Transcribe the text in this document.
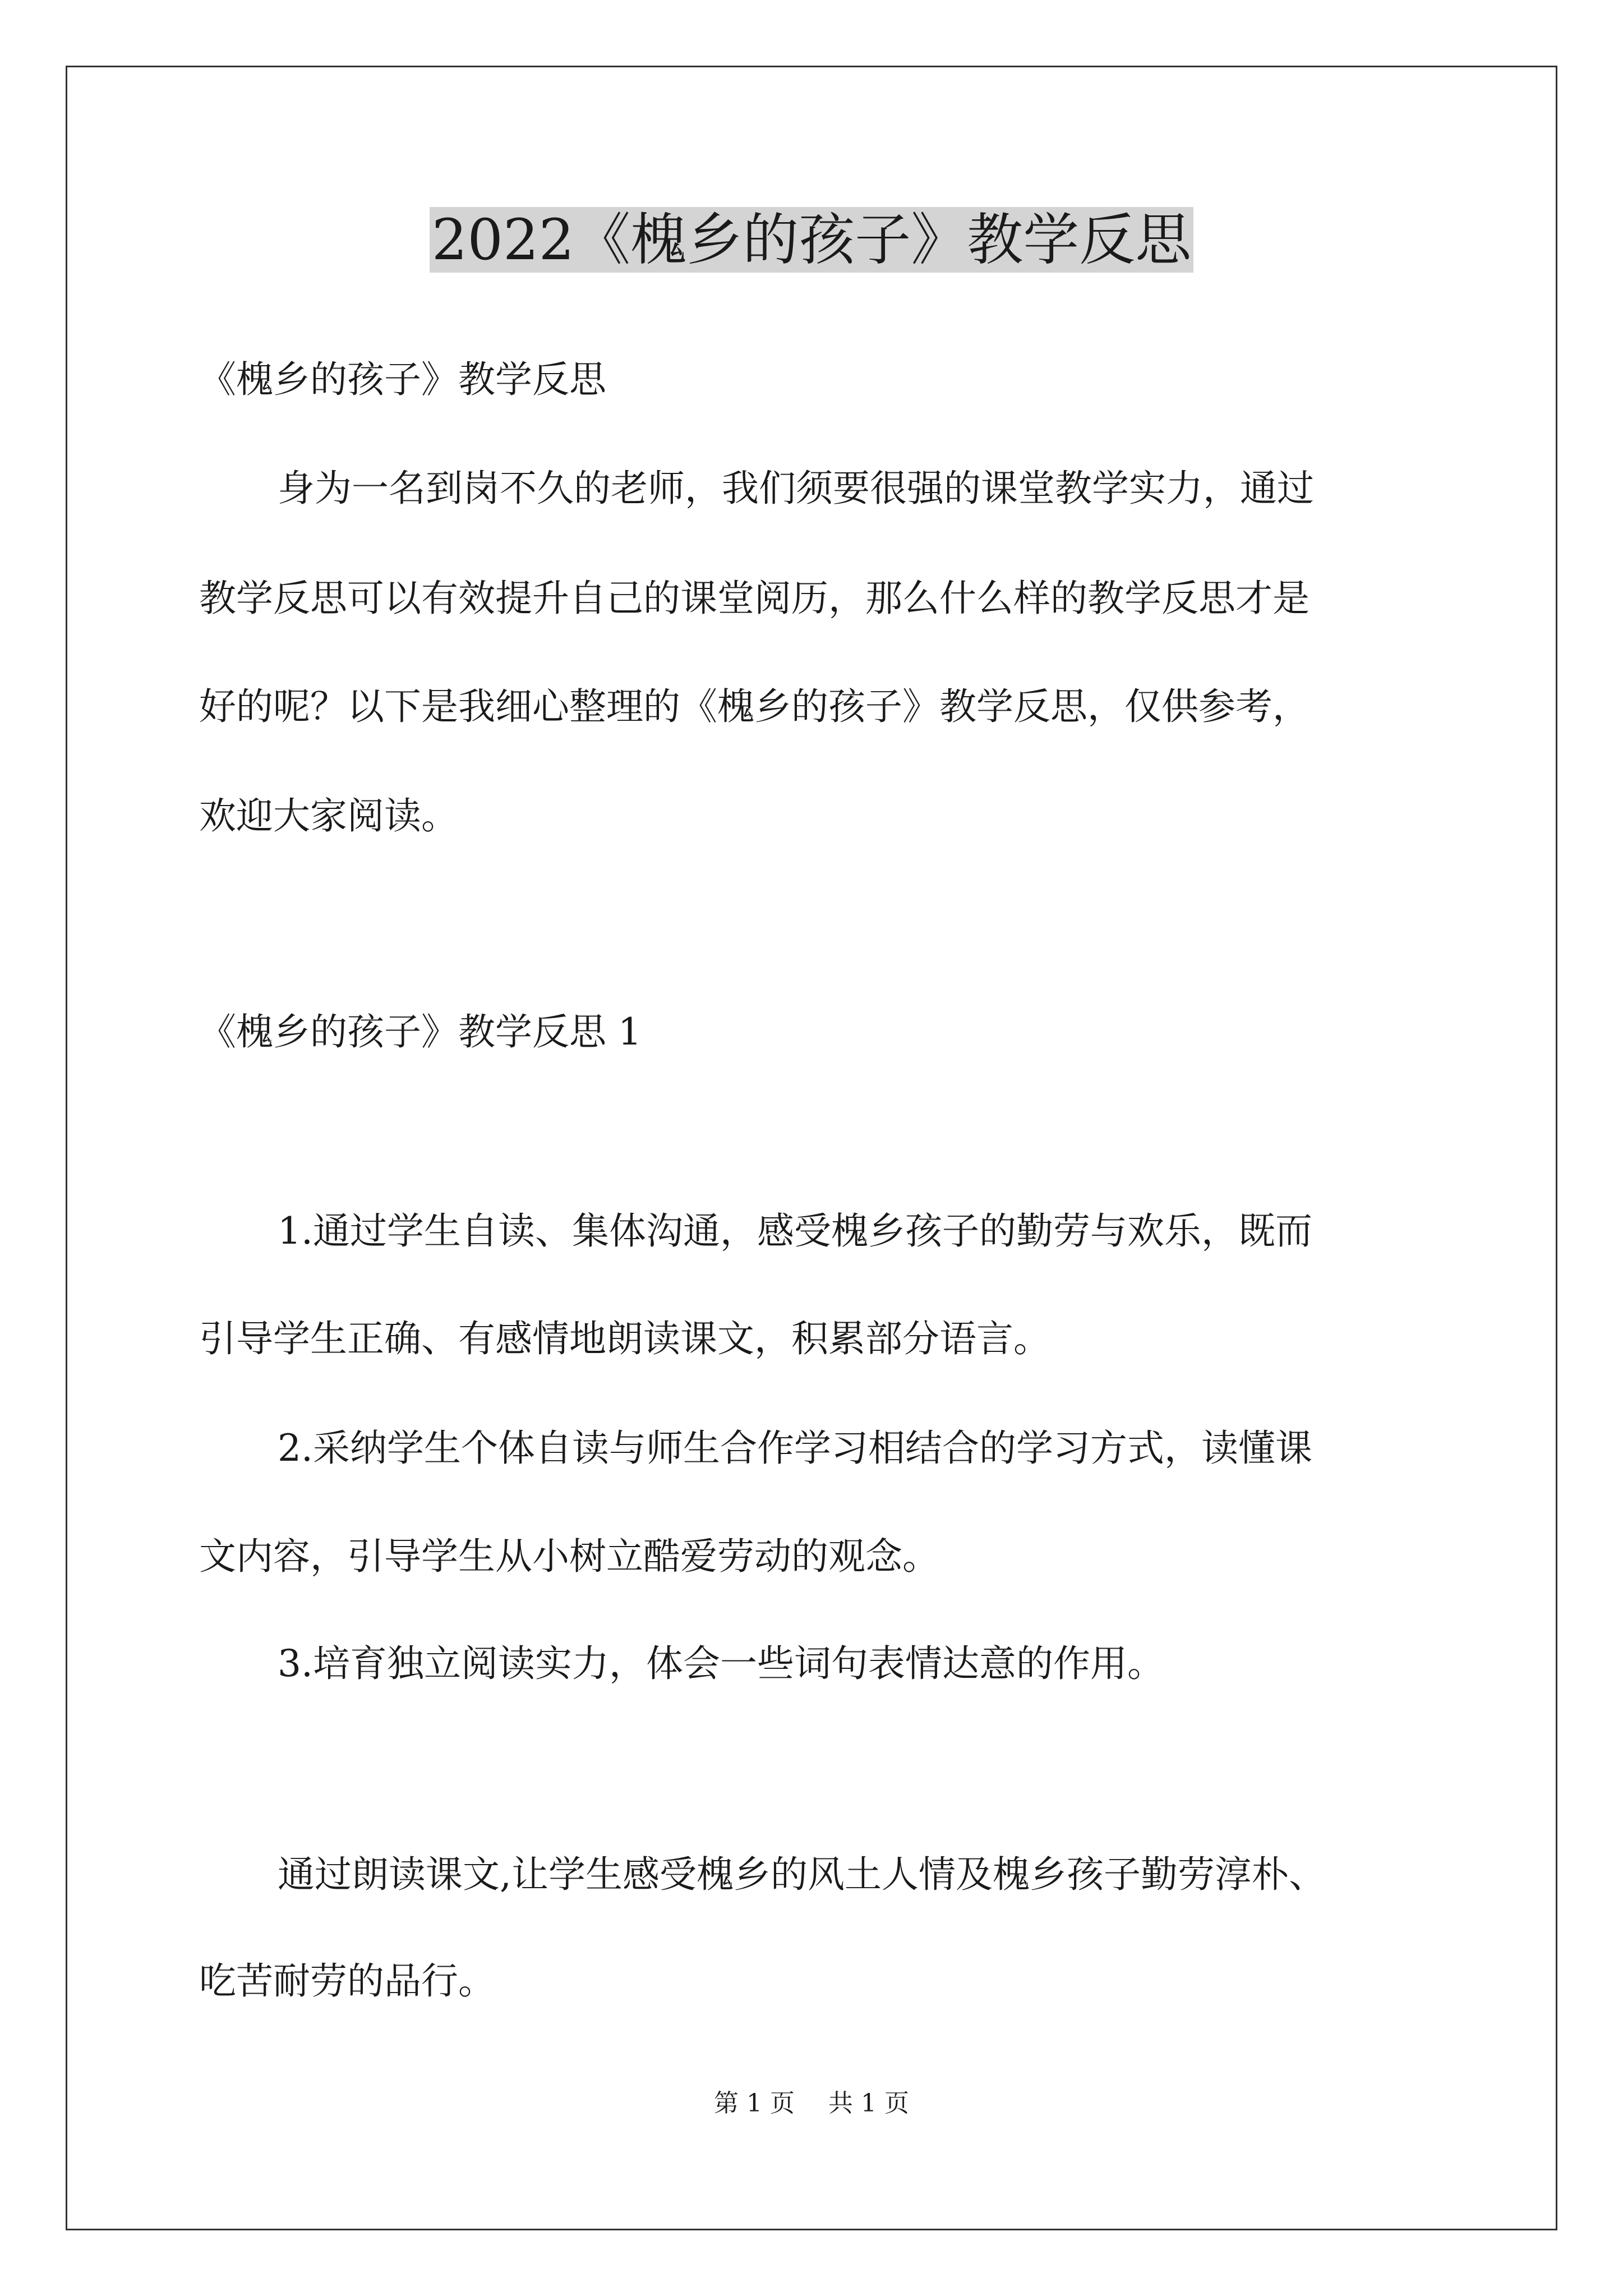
2022《槐乡的孩子》教学反思
《槐乡的孩子》教学反思
身为一名到岗不久的老师，我们须要很强的课堂教学实力，通过
教学反思可以有效提升自己的课堂阅历，那么什么样的教学反思才是
好的呢？以下是我细心整理的《槐乡的孩子》教学反思，仅供参考，
欢迎大家阅读。
《槐乡的孩子》教学反思 1
1.通过学生自读、集体沟通，感受槐乡孩子的勤劳与欢乐，既而
引导学生正确、有感情地朗读课文，积累部分语言。
2.采纳学生个体自读与师生合作学习相结合的学习方式，读懂课
文内容，引导学生从小树立酷爱劳动的观念。
3.培育独立阅读实力，体会一些词句表情达意的作用。
通过朗读课文,让学生感受槐乡的风土人情及槐乡孩子勤劳淳朴、
吃苦耐劳的品行。
第 1 页 共 1 页
